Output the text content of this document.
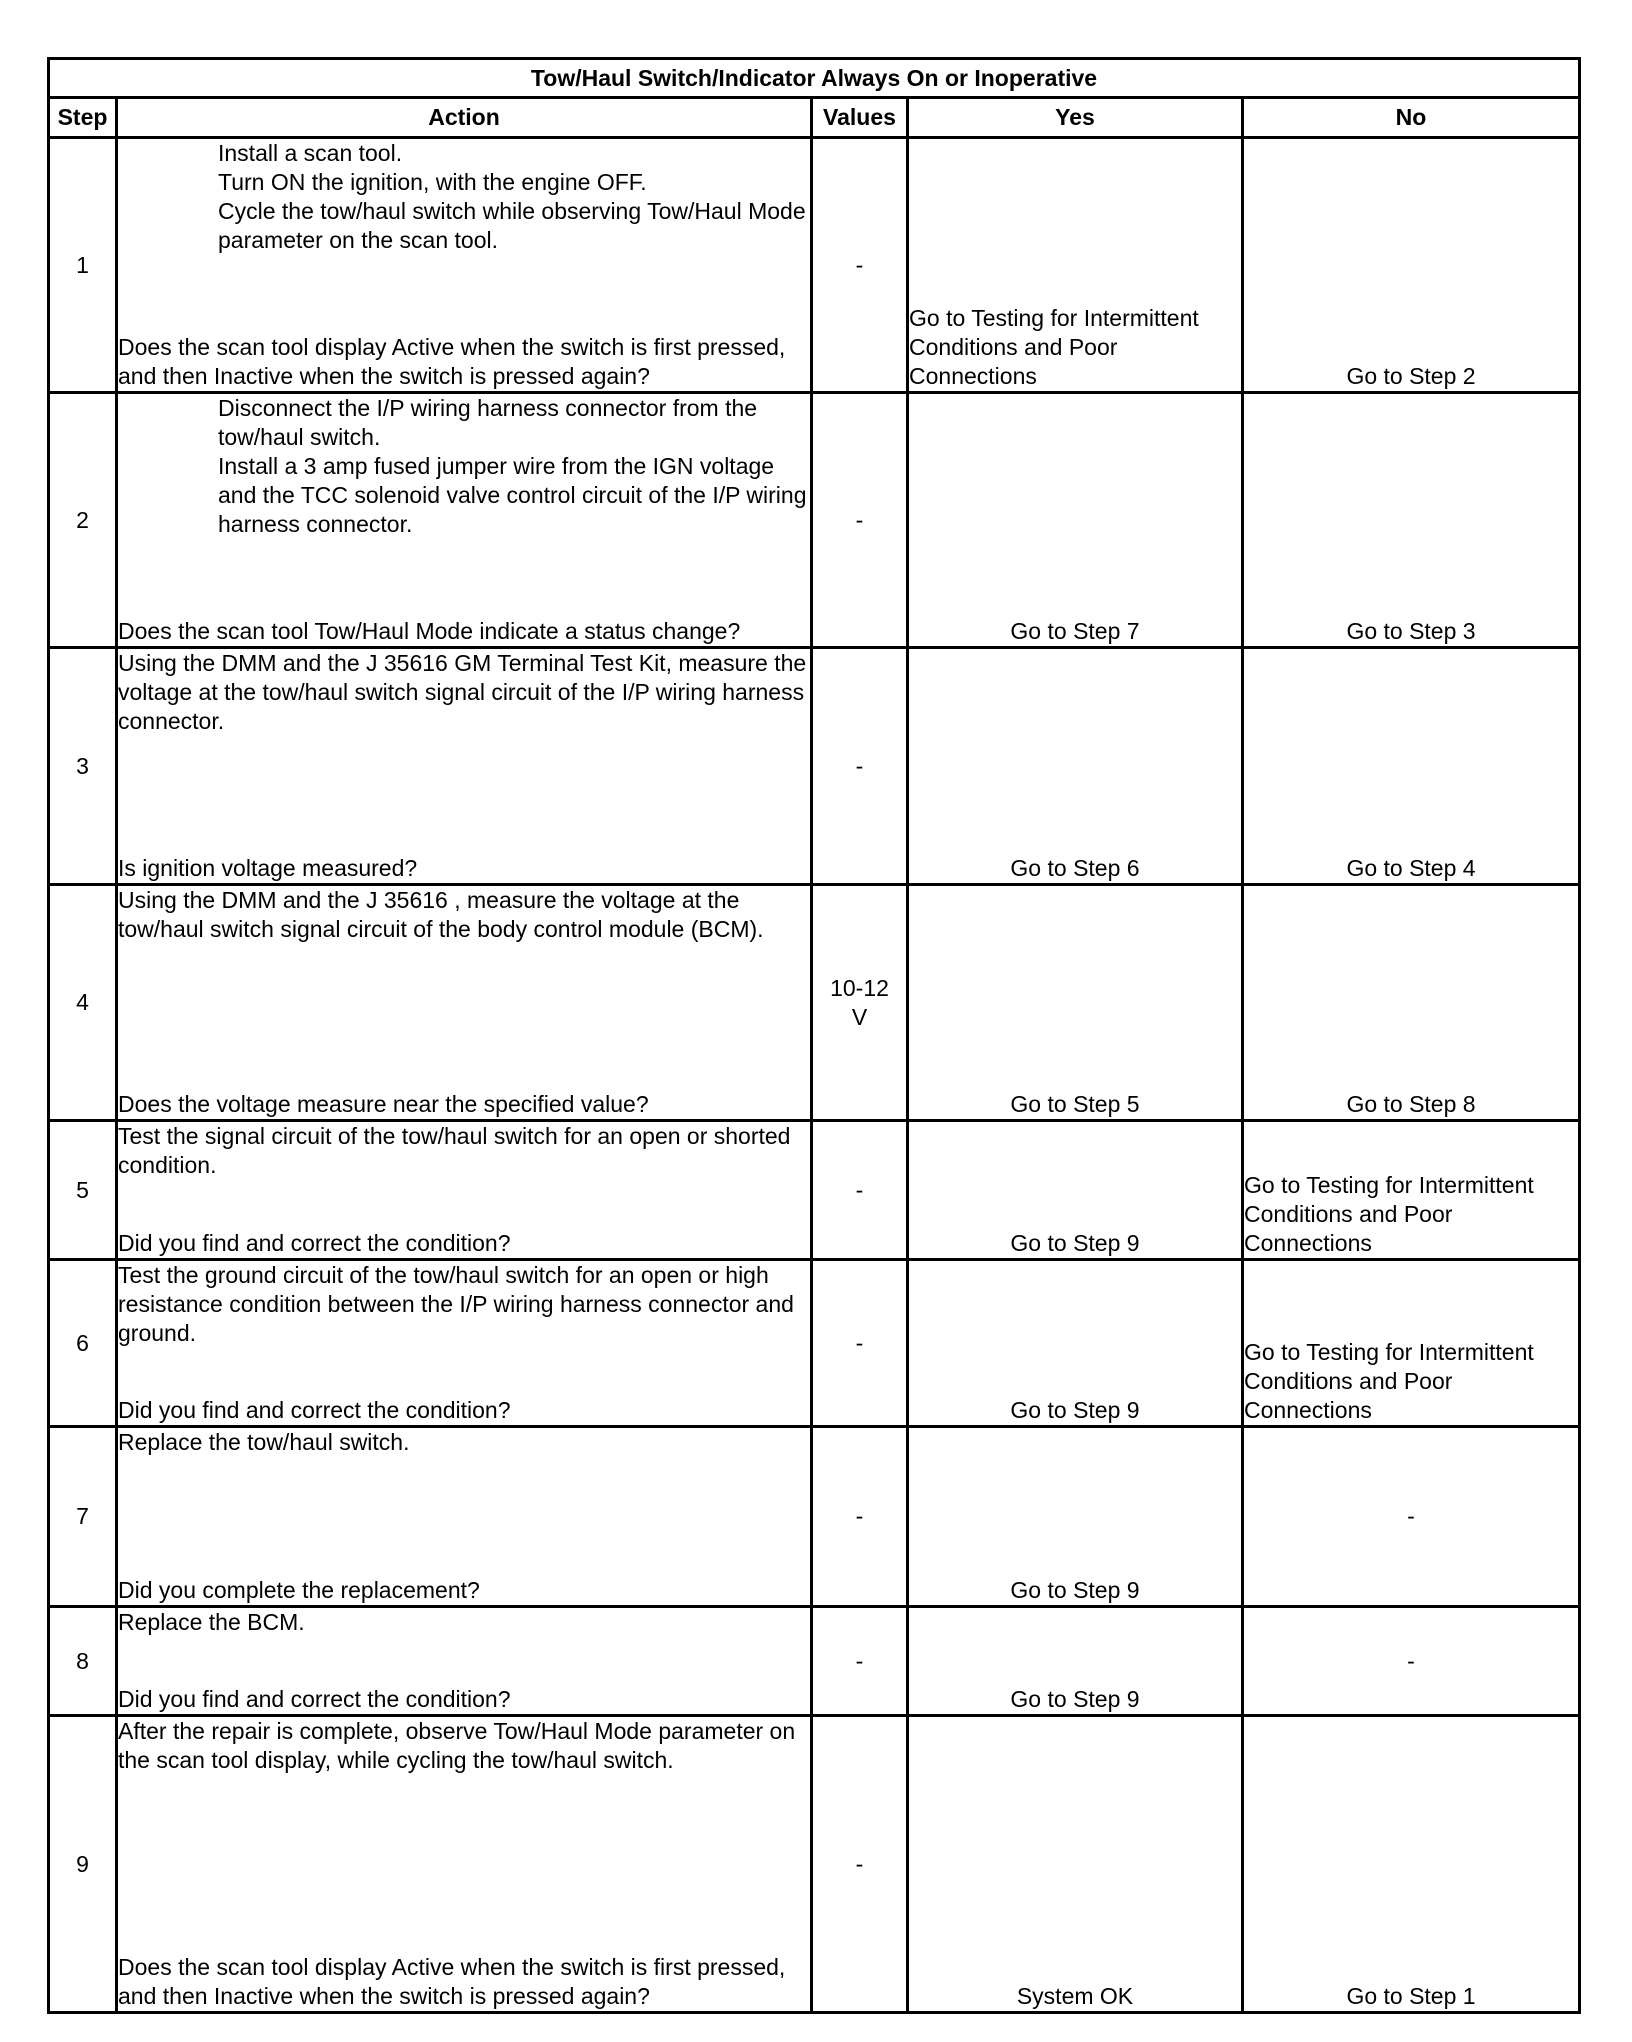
Tow/Haul Switch/Indicator Always On or Inoperative				
Step	Action	Values	Yes	No
1	Install a scan tool.
Turn ON the ignition, with the engine OFF.
Cycle the tow/haul switch while observing Tow/Haul Mode parameter on the scan tool.
Does the scan tool display Active when the switch is first pressed, and then Inactive when the switch is pressed again?	-	Go to Testing for Intermittent Conditions and Poor Connections	Go to Step 2
2	Disconnect the I/P wiring harness connector from the tow/haul switch.
Install a 3 amp fused jumper wire from the IGN voltage and the TCC solenoid valve control circuit of the I/P wiring harness connector.
Does the scan tool Tow/Haul Mode indicate a status change?	-	Go to Step 7	Go to Step 3
3	Using the DMM and the J 35616 GM Terminal Test Kit, measure the voltage at the tow/haul switch signal circuit of the I/P wiring harness connector.
Is ignition voltage measured?	-	Go to Step 6	Go to Step 4
4	Using the DMM and the J 35616 , measure the voltage at the tow/haul switch signal circuit of the body control module (BCM).
Does the voltage measure near the specified value?	10-12 V	Go to Step 5	Go to Step 8
5	Test the signal circuit of the tow/haul switch for an open or shorted condition.
Did you find and correct the condition?	-	Go to Step 9	Go to Testing for Intermittent Conditions and Poor Connections
6	Test the ground circuit of the tow/haul switch for an open or high resistance condition between the I/P wiring harness connector and ground.
Did you find and correct the condition?	-	Go to Step 9	Go to Testing for Intermittent Conditions and Poor Connections
7	Replace the tow/haul switch.
Did you complete the replacement?	-	Go to Step 9	-
8	Replace the BCM.
Did you find and correct the condition?	-	Go to Step 9	-
9	After the repair is complete, observe Tow/Haul Mode parameter on the scan tool display, while cycling the tow/haul switch.
Does the scan tool display Active when the switch is first pressed, and then Inactive when the switch is pressed again?	-	System OK	Go to Step 1
